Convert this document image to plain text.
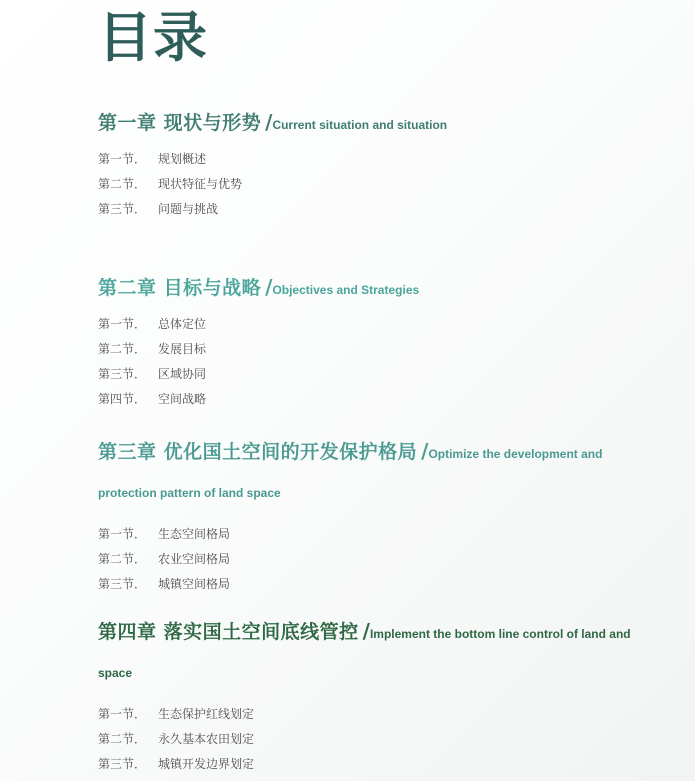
目录
第一章 现状与形势 /Current situation and situation
第一节． 规划概述
第二节． 现状特征与优势
第三节． 问题与挑战
第二章 目标与战略 /Objectives and Strategies
第一节． 总体定位
第二节． 发展目标
第三节． 区域协同
第四节． 空间战略
第三章 优化国土空间的开发保护格局 /Optimize the development and protection pattern of land space
第一节． 生态空间格局
第二节． 农业空间格局
第三节． 城镇空间格局
第四章 落实国土空间底线管控 /Implement the bottom line control of land and space
第一节． 生态保护红线划定
第二节． 永久基本农田划定
第三节． 城镇开发边界划定
